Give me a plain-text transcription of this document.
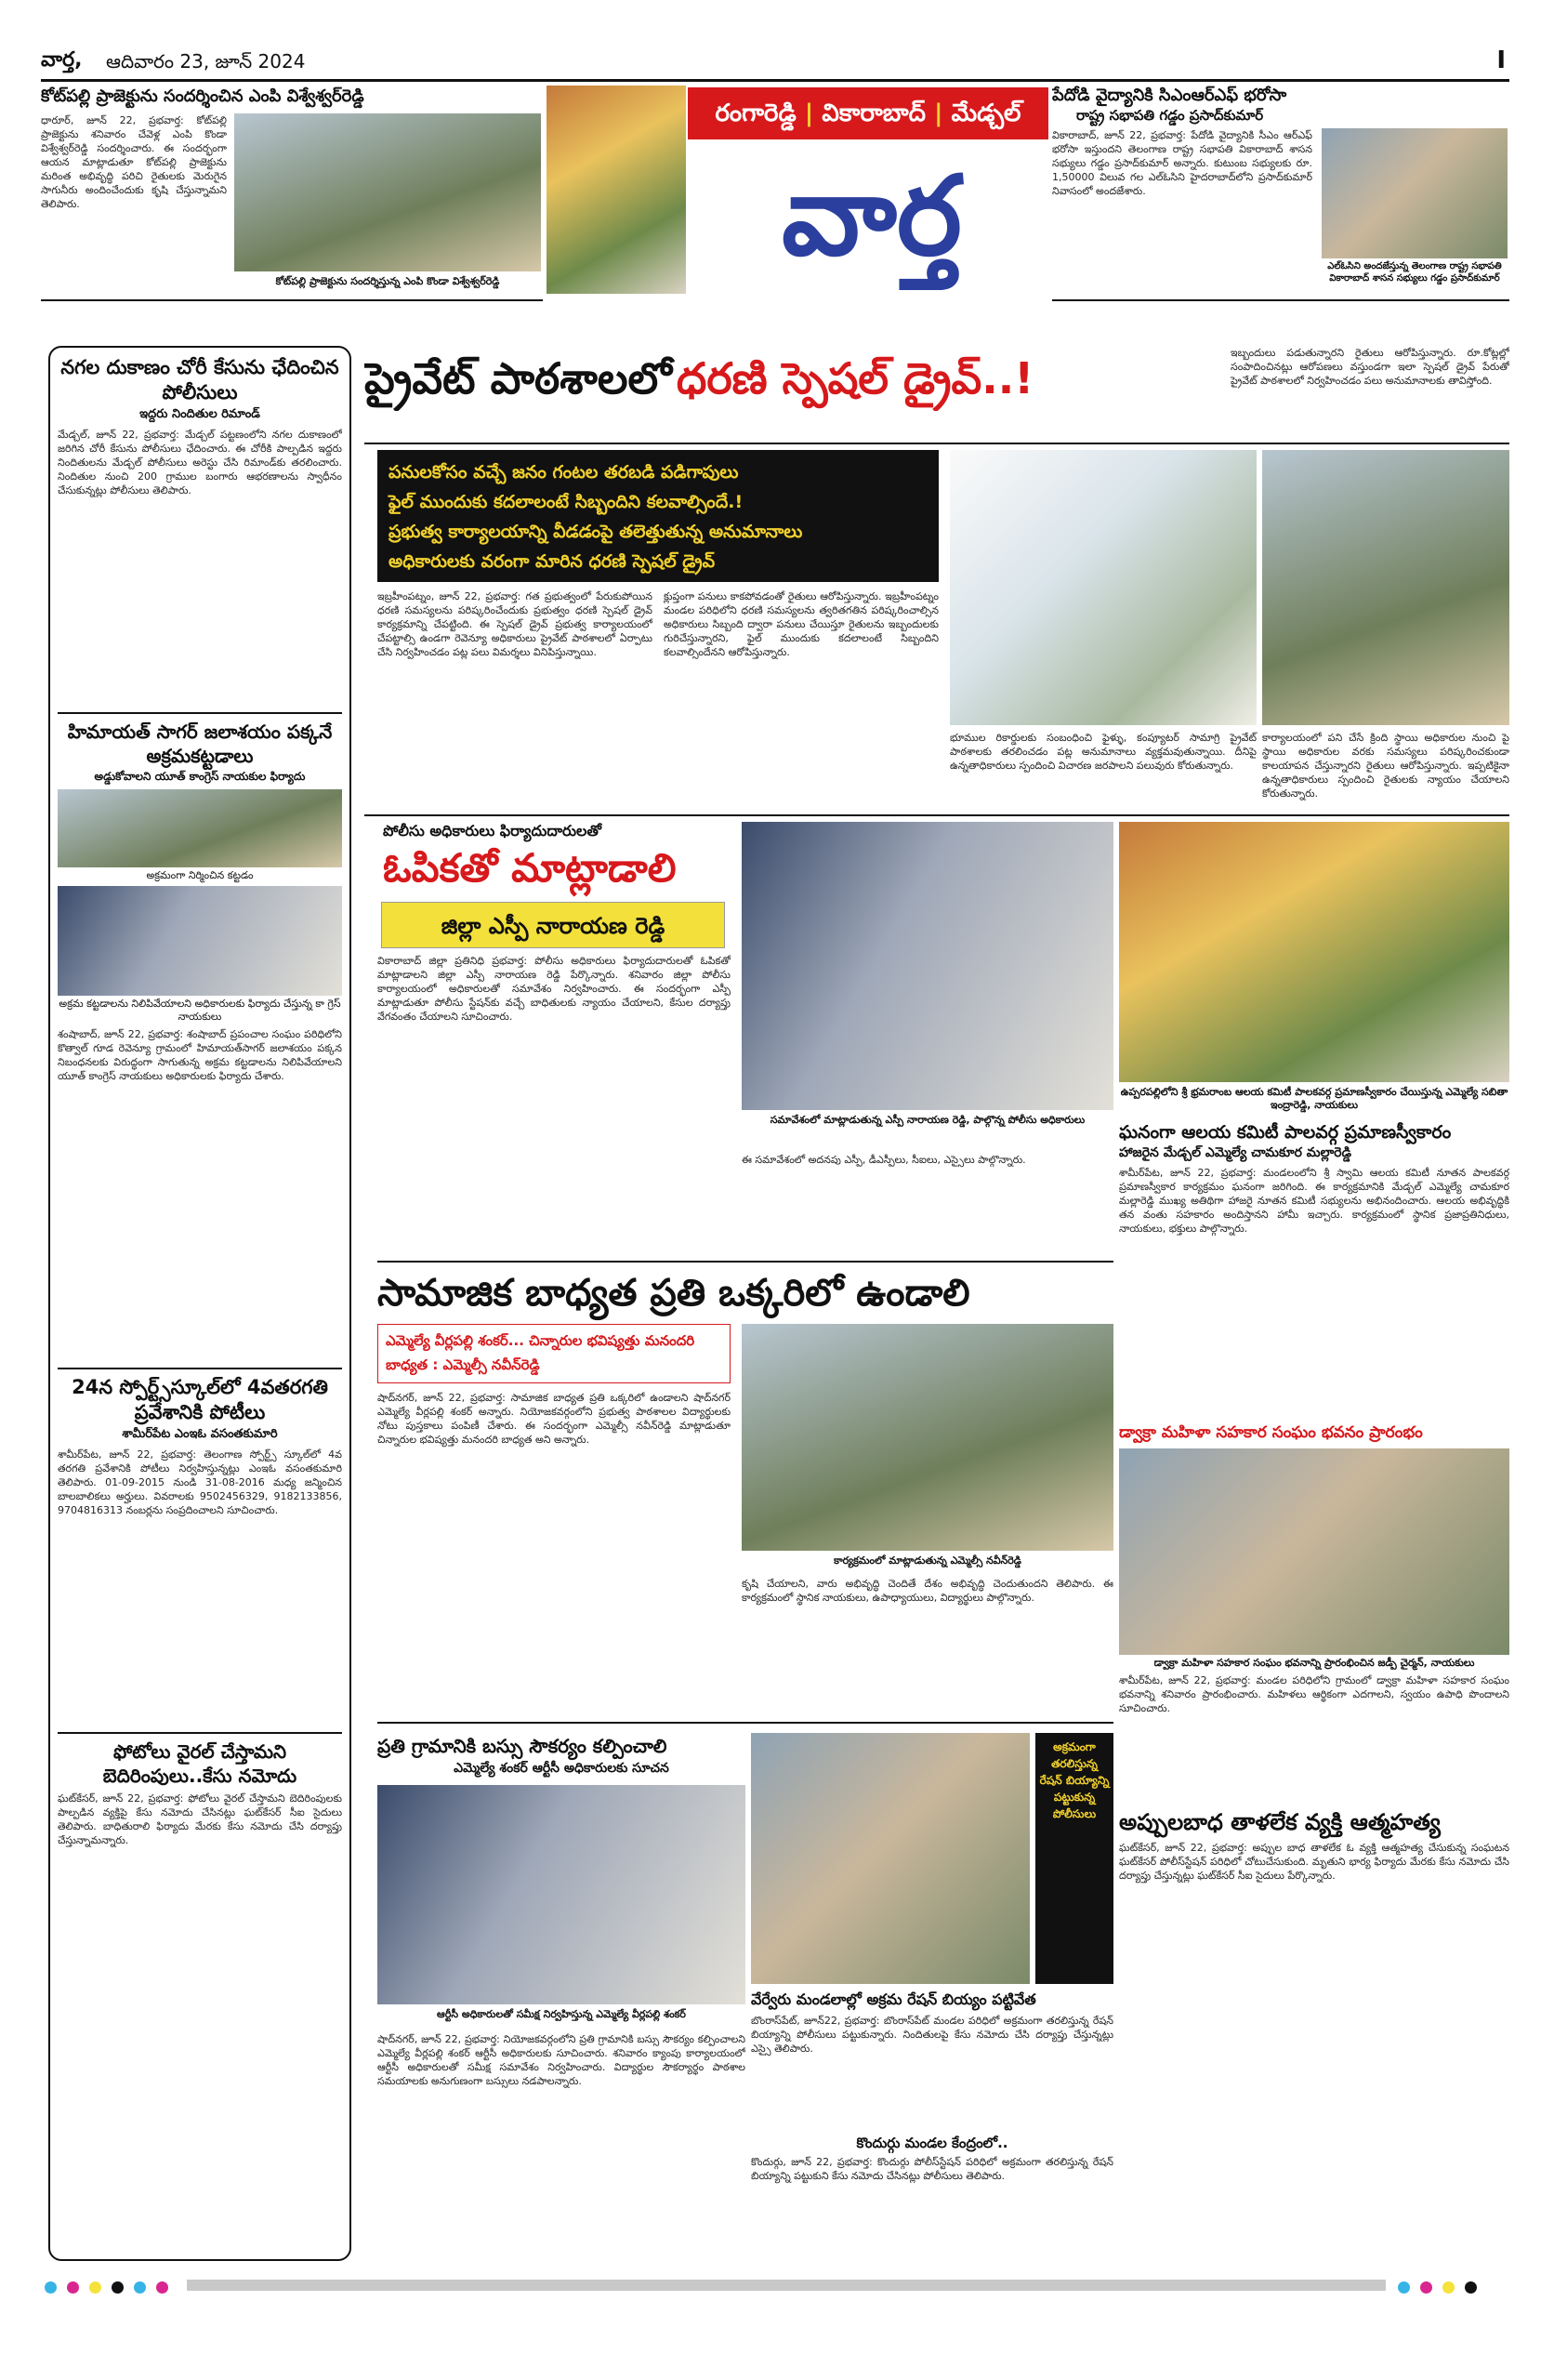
వార్త, ఆదివారం 23, జూన్ 2024	I
కోట్‌పల్లి ప్రాజెక్టును సందర్శించిన ఎంపి విశ్వేశ్వర్‌రెడ్డి
ధారూర్, జూన్ 22, ప్రభవార్త: కోట్‌పల్లి ప్రాజెక్టును శనివారం చేవెళ్ల ఎంపి కొండా విశ్వేశ్వర్‌రెడ్డి సందర్శించారు. ఈ సందర్భంగా ఆయన మాట్లాడుతూ కోట్‌పల్లి ప్రాజెక్టును మరింత అభివృద్ధి పరిచి రైతులకు మెరుగైన సాగునీరు అందించేందుకు కృషి చేస్తున్నామని తెలిపారు.
కోట్‌పల్లి ప్రాజెక్టును సందర్శిస్తున్న ఎంపి కొండా విశ్వేశ్వర్‌రెడ్డి
రంగారెడ్డి | వికారాబాద్ | మేడ్చల్
వార్త
పేదోడి వైద్యానికి సిఎంఆర్‌ఎఫ్ భరోసా
రాష్ట్ర సభాపతి గడ్డం ప్రసాద్‌కుమార్
వికారాబాద్, జూన్ 22, ప్రభవార్త: పేదోడి వైద్యానికి సీఎం ఆర్‌ఎఫ్ భరోసా ఇస్తుందని తెలంగాణ రాష్ట్ర సభాపతి వికారాబాద్ శాసన సభ్యులు గడ్డం ప్రసాద్‌కుమార్ అన్నారు. కుటుంబ సభ్యులకు రూ. 1,50000 విలువ గల ఎల్‌ఓసిని హైదరాబాద్‌లోని ప్రసాద్‌కుమార్ నివాసంలో అందజేశారు.
ఎల్‌ఓసిని అందజేస్తున్న తెలంగాణ రాష్ట్ర సభాపతి వికారాబాద్ శాసన సభ్యులు గడ్డం ప్రసాద్‌కుమార్
నగల దుకాణం చోరీ కేసును ఛేదించిన పోలీసులు
ఇద్దరు నిందితుల రిమాండ్
మేడ్చల్, జూన్ 22, ప్రభవార్త: మేడ్చల్ పట్టణంలోని నగల దుకాణంలో జరిగిన చోరీ కేసును పోలీసులు ఛేదించారు. ఈ చోరీకి పాల్పడిన ఇద్దరు నిందితులను మేడ్చల్ పోలీసులు అరెస్టు చేసి రిమాండ్‌కు తరలించారు. నిందితుల నుంచి 200 గ్రాముల బంగారు ఆభరణాలను స్వాధీనం చేసుకున్నట్లు పోలీసులు తెలిపారు.
హిమాయత్ సాగర్ జలాశయం పక్కనే అక్రమకట్టడాలు
అడ్డుకోవాలని యూత్ కాంగ్రెస్ నాయకుల ఫిర్యాదు
అక్రమంగా నిర్మించిన కట్టడం
అక్రమ కట్టడాలను నిలిపివేయాలని అధికారులకు ఫిర్యాదు చేస్తున్న కా గ్రెస్ నాయకులు
శంషాబాద్, జూన్ 22, ప్రభవార్త: శంషాబాద్ ప్రపంచాల సంఘం పరిధిలోని కొత్వాల్ గూడ రెవెన్యూ గ్రామంలో హిమాయత్‌సాగర్ జలాశయం పక్కన నిబంధనలకు విరుద్ధంగా సాగుతున్న అక్రమ కట్టడాలను నిలిపివేయాలని యూత్ కాంగ్రెస్ నాయకులు అధికారులకు ఫిర్యాదు చేశారు.
24న స్పోర్ట్స్‌స్కూల్‌లో 4వతరగతి ప్రవేశానికి పోటీలు
శామీర్‌పేట ఎంఇఓ వసంతకుమారి
శామీర్‌పేట, జూన్ 22, ప్రభవార్త: తెలంగాణ స్పోర్ట్స్ స్కూల్‌లో 4వ తరగతి ప్రవేశానికి పోటీలు నిర్వహిస్తున్నట్లు ఎంఇఓ వసంతకుమారి తెలిపారు. 01-09-2015 నుండి 31-08-2016 మధ్య జన్మించిన బాలబాలికలు అర్హులు. వివరాలకు 9502456329, 9182133856, 9704816313 నంబర్లను సంప్రదించాలని సూచించారు.
ఫోటోలు వైరల్ చేస్తామని బెదిరింపులు..కేసు నమోదు
ఘట్‌కేసర్, జూన్ 22, ప్రభవార్త: ఫోటోలు వైరల్ చేస్తామని బెదిరింపులకు పాల్పడిన వ్యక్తిపై కేసు నమోదు చేసినట్లు ఘట్‌కేసర్ సీఐ సైదులు తెలిపారు. బాధితురాలి ఫిర్యాదు మేరకు కేసు నమోదు చేసి దర్యాప్తు చేస్తున్నామన్నారు.
ప్రైవేట్ పాఠశాలలో ధరణి స్పెషల్ డ్రైవ్..!
ఇబ్బందులు పడుతున్నారని రైతులు ఆరోపిస్తున్నారు. రూ.కోట్లల్లో సంపాదించినట్లు ఆరోపణలు వస్తుండగా ఇలా స్పెషల్ డ్రైవ్ పేరుతో ప్రైవేట్ పాఠశాలలో నిర్వహించడం పలు అనుమానాలకు తావిస్తోంది.
పనులకోసం వచ్చే జనం గంటల తరబడి పడిగాపులు
ఫైల్ ముందుకు కదలాలంటే సిబ్బందిని కలవాల్సిందే.!
ప్రభుత్వ కార్యాలయాన్ని వీడడంపై తలెత్తుతున్న అనుమానాలు
అధికారులకు వరంగా మారిన ధరణి స్పెషల్ డ్రైవ్
ఇబ్రహీంపట్నం, జూన్ 22, ప్రభవార్త: గత ప్రభుత్వంలో పేరుకుపోయిన ధరణి సమస్యలను పరిష్కరించేందుకు ప్రభుత్వం ధరణి స్పెషల్ డ్రైవ్ కార్యక్రమాన్ని చేపట్టింది. ఈ స్పెషల్ డ్రైవ్ ప్రభుత్వ కార్యాలయంలో చేపట్టాల్సి ఉండగా రెవెన్యూ అధికారులు ప్రైవేట్ పాఠశాలలో ఏర్పాటు చేసి నిర్వహించడం పట్ల పలు విమర్శలు వినిపిస్తున్నాయి.
క్లుప్తంగా పనులు కాకపోవడంతో రైతులు ఆరోపిస్తున్నారు. ఇబ్రహీంపట్నం మండల పరిధిలోని ధరణి సమస్యలను త్వరితగతిన పరిష్కరించాల్సిన అధికారులు సిబ్బంది ద్వారా పనులు చేయిస్తూ రైతులను ఇబ్బందులకు గురిచేస్తున్నారని, ఫైల్ ముందుకు కదలాలంటే సిబ్బందిని కలవాల్సిందేనని ఆరోపిస్తున్నారు.
భూముల రికార్డులకు సంబంధించి ఫైళ్ళు, కంప్యూటర్ సామాగ్రి ప్రైవేట్ పాఠశాలకు తరలించడం పట్ల అనుమానాలు వ్యక్తమవుతున్నాయి. దీనిపై ఉన్నతాధికారులు స్పందించి విచారణ జరపాలని పలువురు కోరుతున్నారు.
కార్యాలయంలో పని చేసే క్రింది స్థాయి అధికారుల నుంచి పై స్థాయి అధికారుల వరకు సమస్యలు పరిష్కరించకుండా కాలయాపన చేస్తున్నారని రైతులు ఆరోపిస్తున్నారు. ఇప్పటికైనా ఉన్నతాధికారులు స్పందించి రైతులకు న్యాయం చేయాలని కోరుతున్నారు.
పోలీసు అధికారులు ఫిర్యాదుదారులతో
ఓపికతో మాట్లాడాలి
జిల్లా ఎస్పీ నారాయణ రెడ్డి
వికారాబాద్ జిల్లా ప్రతినిధి ప్రభవార్త: పోలీసు అధికారులు ఫిర్యాదుదారులతో ఓపికతో మాట్లాడాలని జిల్లా ఎస్పీ నారాయణ రెడ్డి పేర్కొన్నారు. శనివారం జిల్లా పోలీసు కార్యాలయంలో అధికారులతో సమావేశం నిర్వహించారు. ఈ సందర్భంగా ఎస్పీ మాట్లాడుతూ పోలీసు స్టేషన్‌కు వచ్చే బాధితులకు న్యాయం చేయాలని, కేసుల దర్యాప్తు వేగవంతం చేయాలని సూచించారు.
సమావేశంలో మాట్లాడుతున్న ఎస్పీ నారాయణ రెడ్డి, పాల్గొన్న పోలీసు అధికారులు
ఈ సమావేశంలో అదనపు ఎస్పీ, డీఎస్పీలు, సీఐలు, ఎస్సైలు పాల్గొన్నారు.
ఉప్పరపల్లిలోని శ్రీ భ్రమరాంబ ఆలయ కమిటీ పాలకవర్గ ప్రమాణస్వీకారం చేయిస్తున్న ఎమ్మెల్యే సబితా ఇంద్రారెడ్డి, నాయకులు
ఘనంగా ఆలయ కమిటీ పాలవర్గ ప్రమాణస్వీకారం
హాజరైన మేడ్చల్ ఎమ్మెల్యే చామకూర మల్లారెడ్డి
శామీర్‌పేట, జూన్ 22, ప్రభవార్త: మండలంలోని శ్రీ స్వామి ఆలయ కమిటీ నూతన పాలకవర్గ ప్రమాణస్వీకార కార్యక్రమం ఘనంగా జరిగింది. ఈ కార్యక్రమానికి మేడ్చల్ ఎమ్మెల్యే చామకూర మల్లారెడ్డి ముఖ్య అతిథిగా హాజరై నూతన కమిటీ సభ్యులను అభినందించారు. ఆలయ అభివృద్ధికి తన వంతు సహకారం అందిస్తానని హామీ ఇచ్చారు. కార్యక్రమంలో స్థానిక ప్రజాప్రతినిధులు, నాయకులు, భక్తులు పాల్గొన్నారు.
సామాజిక బాధ్యత ప్రతి ఒక్కరిలో ఉండాలి
ఎమ్మెల్యే వీర్లపల్లి శంకర్... చిన్నారుల భవిష్యత్తు మనందరి బాధ్యత : ఎమ్మెల్సీ నవీన్‌రెడ్డి
షాద్‌నగర్, జూన్ 22, ప్రభవార్త: సామాజిక బాధ్యత ప్రతి ఒక్కరిలో ఉండాలని షాద్‌నగర్ ఎమ్మెల్యే వీర్లపల్లి శంకర్ అన్నారు. నియోజకవర్గంలోని ప్రభుత్వ పాఠశాలల విద్యార్థులకు నోటు పుస్తకాలు పంపిణీ చేశారు. ఈ సందర్భంగా ఎమ్మెల్సీ నవీన్‌రెడ్డి మాట్లాడుతూ చిన్నారుల భవిష్యత్తు మనందరి బాధ్యత అని అన్నారు.
కార్యక్రమంలో మాట్లాడుతున్న ఎమ్మెల్సీ నవీన్‌రెడ్డి
కృషి చేయాలని, వారు అభివృద్ధి చెందితే దేశం అభివృద్ధి చెందుతుందని తెలిపారు. ఈ కార్యక్రమంలో స్థానిక నాయకులు, ఉపాధ్యాయులు, విద్యార్థులు పాల్గొన్నారు.
డ్వాక్రా మహిళా సహకార సంఘం భవనం ప్రారంభం
డ్వాక్రా మహిళా సహకార సంఘం భవనాన్ని ప్రారంభించిన జడ్పీ చైర్మన్, నాయకులు
శామీర్‌పేట, జూన్ 22, ప్రభవార్త: మండల పరిధిలోని గ్రామంలో డ్వాక్రా మహిళా సహకార సంఘం భవనాన్ని శనివారం ప్రారంభించారు. మహిళలు ఆర్థికంగా ఎదగాలని, స్వయం ఉపాధి పొందాలని సూచించారు.
అప్పులబాధ తాళలేక వ్యక్తి ఆత్మహత్య
ఘట్‌కేసర్, జూన్ 22, ప్రభవార్త: అప్పుల బాధ తాళలేక ఓ వ్యక్తి ఆత్మహత్య చేసుకున్న సంఘటన ఘట్‌కేసర్ పోలీస్‌స్టేషన్ పరిధిలో చోటుచేసుకుంది. మృతుని భార్య ఫిర్యాదు మేరకు కేసు నమోదు చేసి దర్యాప్తు చేస్తున్నట్లు ఘట్‌కేసర్ సీఐ సైదులు పేర్కొన్నారు.
ప్రతి గ్రామానికి బస్సు సౌకర్యం కల్పించాలి
ఎమ్మెల్యే శంకర్ ఆర్టీసీ అధికారులకు సూచన
ఆర్టీసీ అధికారులతో సమీక్ష నిర్వహిస్తున్న ఎమ్మెల్యే వీర్లపల్లి శంకర్
షాద్‌నగర్, జూన్ 22, ప్రభవార్త: నియోజకవర్గంలోని ప్రతి గ్రామానికి బస్సు సౌకర్యం కల్పించాలని ఎమ్మెల్యే వీర్లపల్లి శంకర్ ఆర్టీసీ అధికారులకు సూచించారు. శనివారం క్యాంపు కార్యాలయంలో ఆర్టీసీ అధికారులతో సమీక్ష సమావేశం నిర్వహించారు. విద్యార్థుల సౌకర్యార్థం పాఠశాల సమయాలకు అనుగుణంగా బస్సులు నడపాలన్నారు.
అక్రమంగా తరలిస్తున్న రేషన్ బియ్యాన్ని పట్టుకున్న పోలీసులు
వేర్వేరు మండలాల్లో అక్రమ రేషన్ బియ్యం పట్టివేత
బొంరాస్‌పేట్, జూన్22, ప్రభవార్త: బొంరాస్‌పేట్ మండల పరిధిలో అక్రమంగా తరలిస్తున్న రేషన్ బియ్యాన్ని పోలీసులు పట్టుకున్నారు. నిందితులపై కేసు నమోదు చేసి దర్యాప్తు చేస్తున్నట్లు ఎస్సై తెలిపారు.
కొందుర్గు మండల కేంద్రంలో..
కొందుర్గు, జూన్ 22, ప్రభవార్త: కొందుర్గు పోలీస్‌స్టేషన్ పరిధిలో అక్రమంగా తరలిస్తున్న రేషన్ బియ్యాన్ని పట్టుకుని కేసు నమోదు చేసినట్లు పోలీసులు తెలిపారు.
